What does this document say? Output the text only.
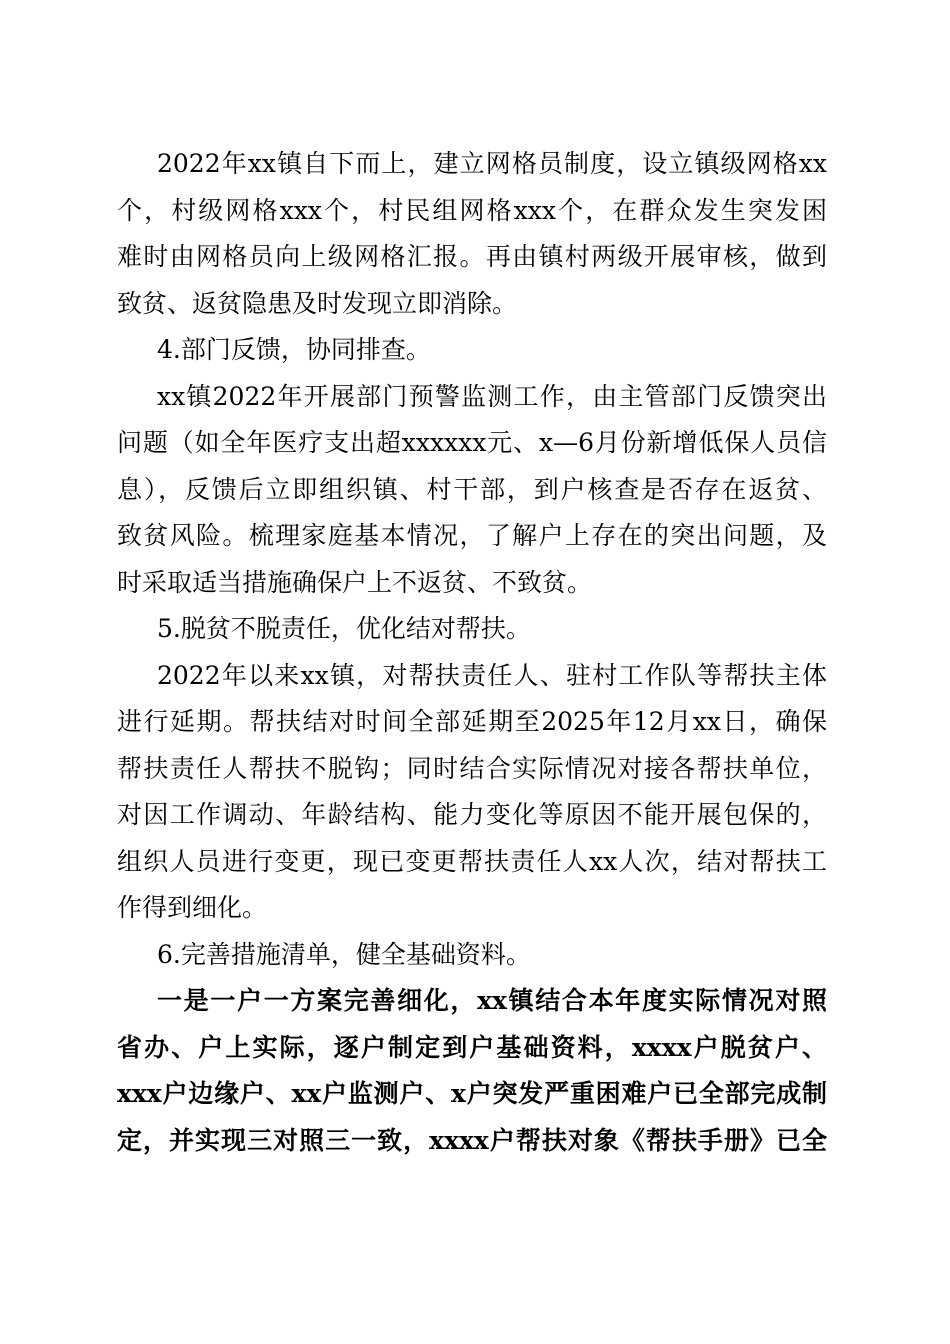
2022年xx镇自下而上，建立网格员制度，设立镇级网格xx

个，村级网格xxx个，村民组网格xxx个，在群众发生突发困

难时由网格员向上级网格汇报。再由镇村两级开展审核，做到

致贫、返贫隐患及时发现立即消除。

4.部门反馈，协同排查。

xx镇2022年开展部门预警监测工作，由主管部门反馈突出

问题（如全年医疗支出超xxxxxx元、x—6月份新增低保人员信

息），反馈后立即组织镇、村干部，到户核查是否存在返贫、

致贫风险。梳理家庭基本情况，了解户上存在的突出问题，及

时采取适当措施确保户上不返贫、不致贫。

5.脱贫不脱责任，优化结对帮扶。

2022年以来xx镇，对帮扶责任人、驻村工作队等帮扶主体

进行延期。帮扶结对时间全部延期至2025年12月xx日，确保

帮扶责任人帮扶不脱钩；同时结合实际情况对接各帮扶单位，

对因工作调动、年龄结构、能力变化等原因不能开展包保的，

组织人员进行变更，现已变更帮扶责任人xx人次，结对帮扶工

作得到细化。

6.完善措施清单，健全基础资料。

一是一户一方案完善细化，xx镇结合本年度实际情况对照

省办、户上实际，逐户制定到户基础资料，xxxx户脱贫户、

xxx户边缘户、xx户监测户、x户突发严重困难户已全部完成制

定，并实现三对照三一致，xxxx户帮扶对象《帮扶手册》已全
